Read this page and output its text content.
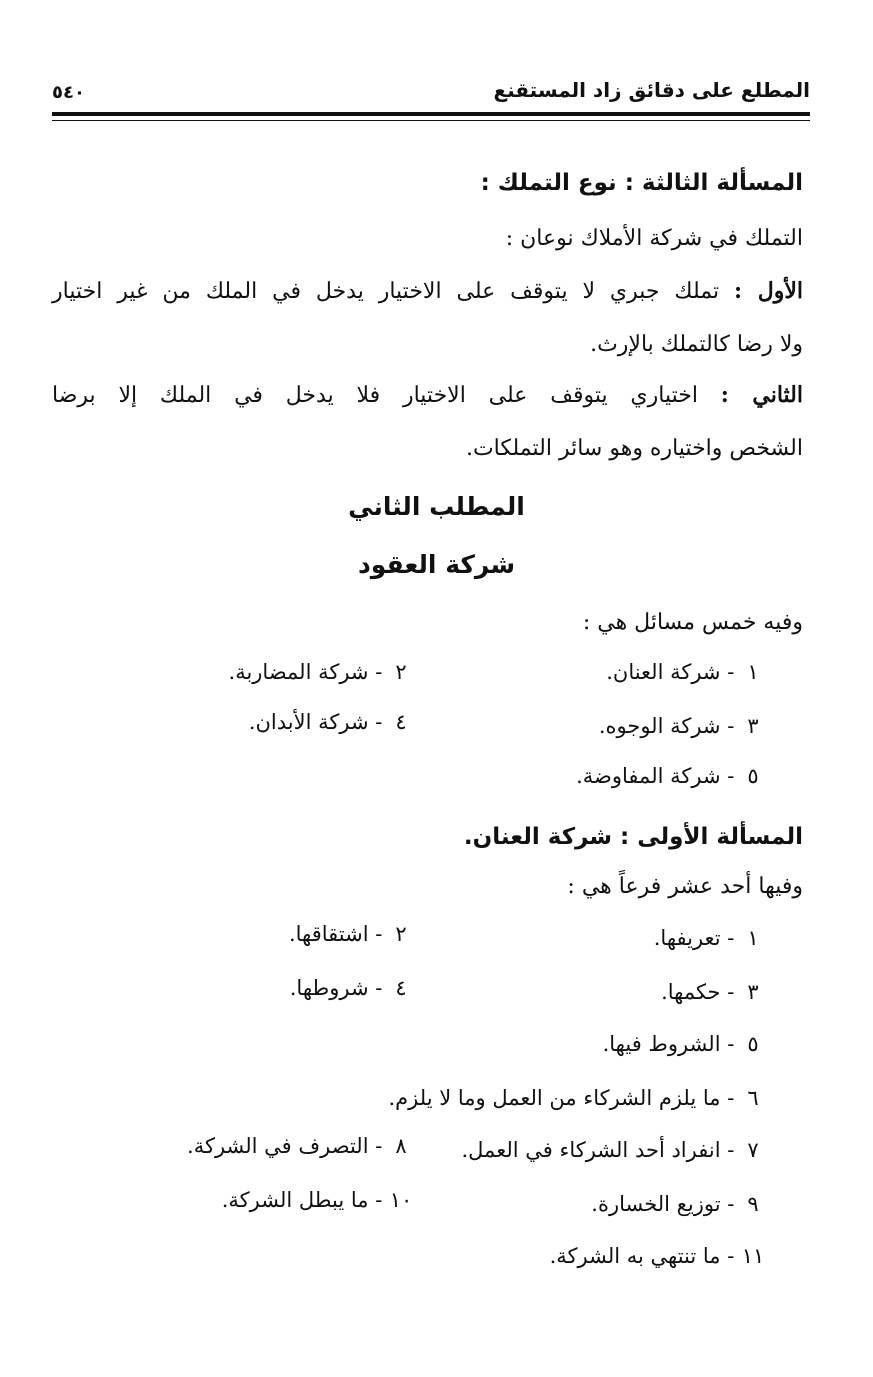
المطلع على دقائق زاد المستقنع
٥٤٠
المسألة الثالثة : نوع التملك :
التملك في شركة الأملاك نوعان :
الأول : تملك جبري لا يتوقف على الاختيار يدخل في الملك من غير اختيار
ولا رضا كالتملك بالإرث.
الثاني : اختياري يتوقف على الاختيار فلا يدخل في الملك إلا برضا
الشخص واختياره وهو سائر التملكات.
المطلب الثاني
شركة العقود
وفيه خمس مسائل هي :
١ - شركة العنان.
٢ - شركة المضاربة.
٣ - شركة الوجوه.
٤ - شركة الأبدان.
٥ - شركة المفاوضة.
المسألة الأولى : شركة العنان.
وفيها أحد عشر فرعاً هي :
١ - تعريفها.
٢ - اشتقاقها.
٣ - حكمها.
٤ - شروطها.
٥ - الشروط فيها.
٦ - ما يلزم الشركاء من العمل وما لا يلزم.
٧ - انفراد أحد الشركاء في العمل.
٨ - التصرف في الشركة.
٩ - توزيع الخسارة.
١٠ - ما يبطل الشركة.
١١ - ما تنتهي به الشركة.
